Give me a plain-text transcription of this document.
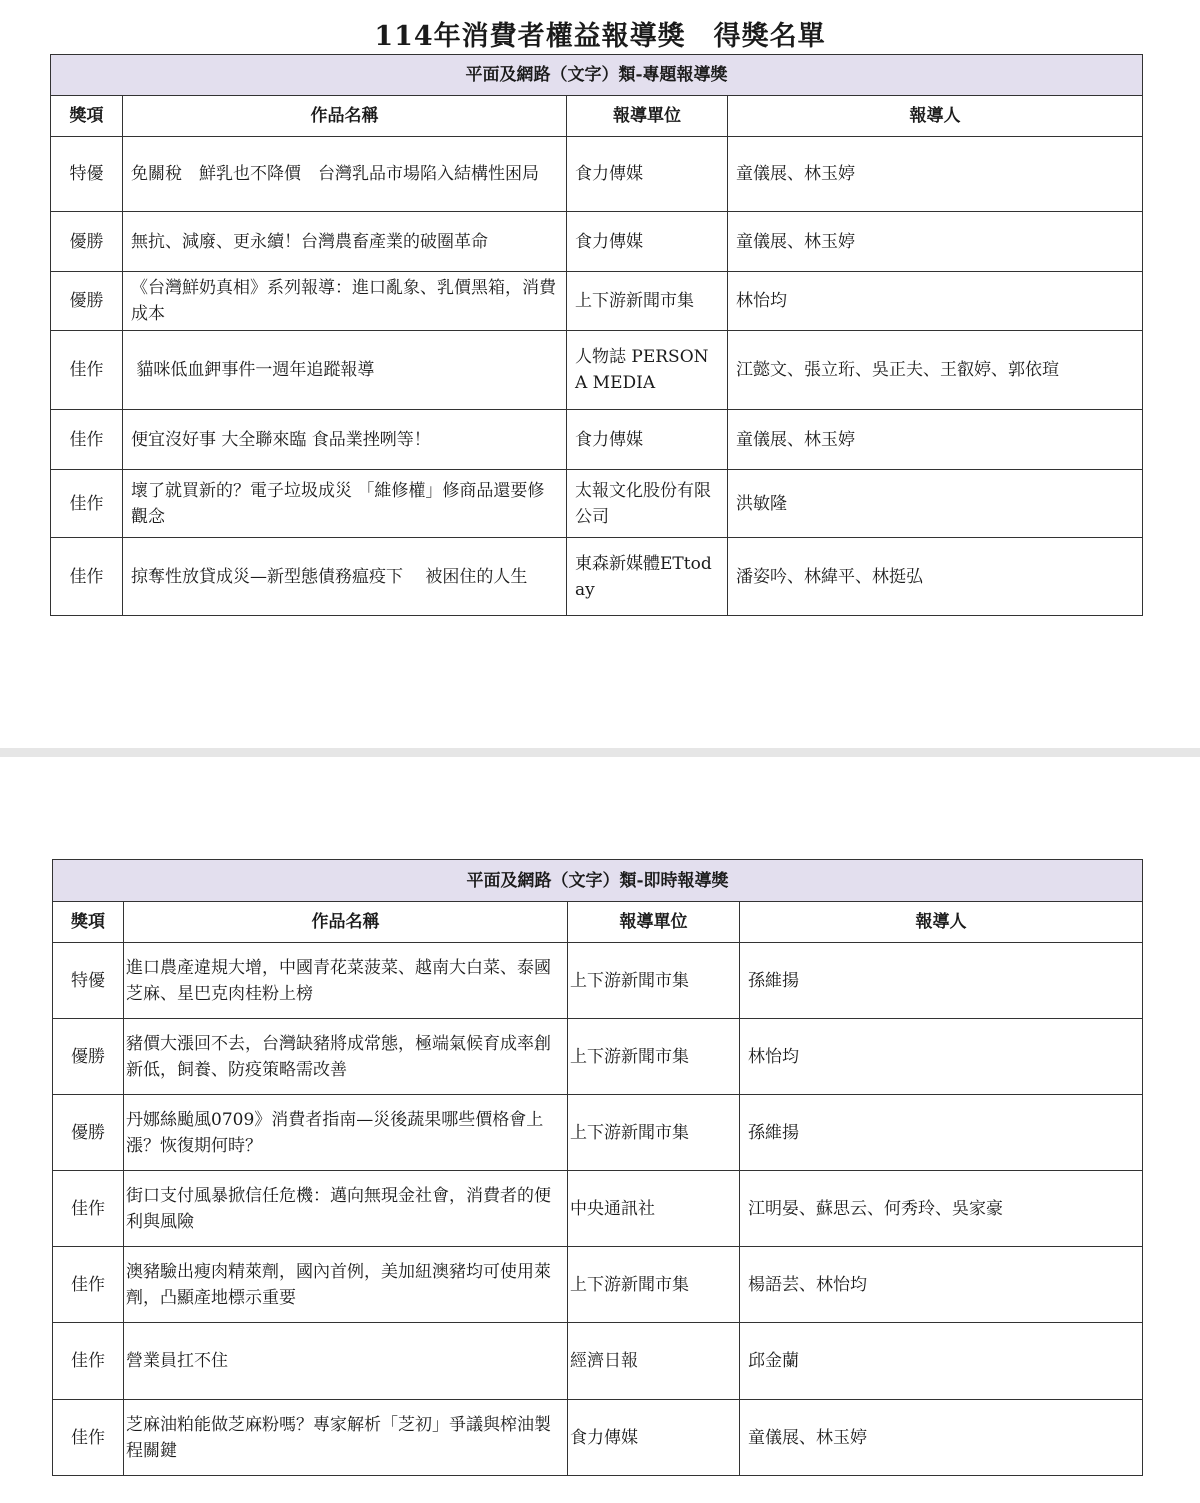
114年消費者權益報導獎　得獎名單
平面及網路（文字）類-專題報導獎			
獎項	作品名稱	報導單位	報導人
特優	免關稅　鮮乳也不降價　台灣乳品市場陷入結構性困局	食力傳媒	童儀展、林玉婷
優勝	無抗、減廢、更永續！台灣農畜產業的破圈革命	食力傳媒	童儀展、林玉婷
優勝	《台灣鮮奶真相》系列報導：進口亂象、乳價黑箱，消費成本	上下游新聞市集	林怡均
佳作	貓咪低血鉀事件一週年追蹤報導	人物誌 PERSONA MEDIA	江懿文、張立珩、吳正夫、王叡婷、郭依瑄
佳作	便宜沒好事 大全聯來臨 食品業挫咧等！	食力傳媒	童儀展、林玉婷
佳作	壞了就買新的？電子垃圾成災 「維修權」修商品還要修觀念	太報文化股份有限公司	洪敏隆
佳作	掠奪性放貸成災—新型態債務瘟疫下　 被困住的人生	東森新媒體ETtoday	潘姿吟、林緯平、林挺弘
平面及網路（文字）類-即時報導獎			
獎項	作品名稱	報導單位	報導人
特優	進口農產違規大增，中國青花菜菠菜、越南大白菜、泰國芝麻、星巴克肉桂粉上榜	上下游新聞市集	孫維揚
優勝	豬價大漲回不去，台灣缺豬將成常態，極端氣候育成率創新低，飼養、防疫策略需改善	上下游新聞市集	林怡均
優勝	丹娜絲颱風0709》消費者指南—災後蔬果哪些價格會上漲？恢復期何時？	上下游新聞市集	孫維揚
佳作	街口支付風暴掀信任危機：邁向無現金社會，消費者的便利與風險	中央通訊社	江明晏、蘇思云、何秀玲、吳家豪
佳作	澳豬驗出瘦肉精萊劑，國內首例，美加紐澳豬均可使用萊劑，凸顯產地標示重要	上下游新聞市集	楊語芸、林怡均
佳作	營業員扛不住	經濟日報	邱金蘭
佳作	芝麻油粕能做芝麻粉嗎？專家解析「芝初」爭議與榨油製程關鍵	食力傳媒	童儀展、林玉婷
